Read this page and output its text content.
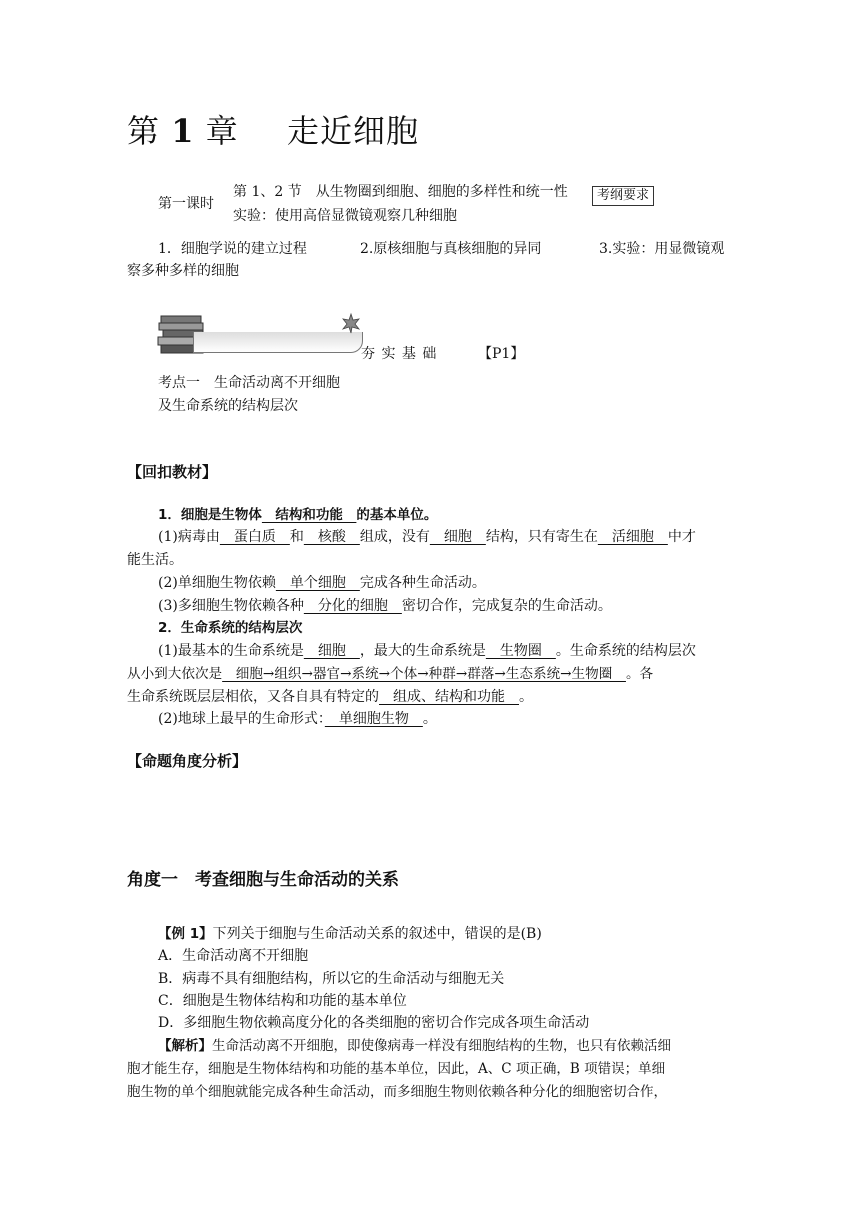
第 1 章 走近细胞
第一课时
第 1、2 节　从生物圈到细胞、细胞的多样性和统一性	考纲要求
实验：使用高倍显微镜观察几种细胞
1．细胞学说的建立过程	2.原核细胞与真核细胞的异同	3.实验：用显微镜观
察多种多样的细胞
夯 实 基 础	【P1】
考点一　生命活动离不开细胞
及生命系统的结构层次
【回扣教材】
1．细胞是生物体　结构和功能　的基本单位。
(1)病毒由　蛋白质　和　核酸　组成，没有　细胞　结构，只有寄生在　活细胞　中才
能生活。
(2)单细胞生物依赖　单个细胞　完成各种生命活动。
(3)多细胞生物依赖各种　分化的细胞　密切合作，完成复杂的生命活动。
2．生命系统的结构层次
(1)最基本的生命系统是　细胞　，最大的生命系统是　生物圈　。生命系统的结构层次
从小到大依次是　细胞→组织→器官→系统→个体→种群→群落→生态系统→生物圈　。各
生命系统既层层相依，又各自具有特定的　组成、结构和功能　。
(2)地球上最早的生命形式：　单细胞生物　。
【命题角度分析】
角度一　考查细胞与生命活动的关系
【例 1】下列关于细胞与生命活动关系的叙述中，错误的是(B)
A．生命活动离不开细胞
B．病毒不具有细胞结构，所以它的生命活动与细胞无关
C．细胞是生物体结构和功能的基本单位
D．多细胞生物依赖高度分化的各类细胞的密切合作完成各项生命活动
【解析】生命活动离不开细胞，即使像病毒一样没有细胞结构的生物，也只有依赖活细
胞才能生存，细胞是生物体结构和功能的基本单位，因此，A、C 项正确，B 项错误；单细
胞生物的单个细胞就能完成各种生命活动，而多细胞生物则依赖各种分化的细胞密切合作，
